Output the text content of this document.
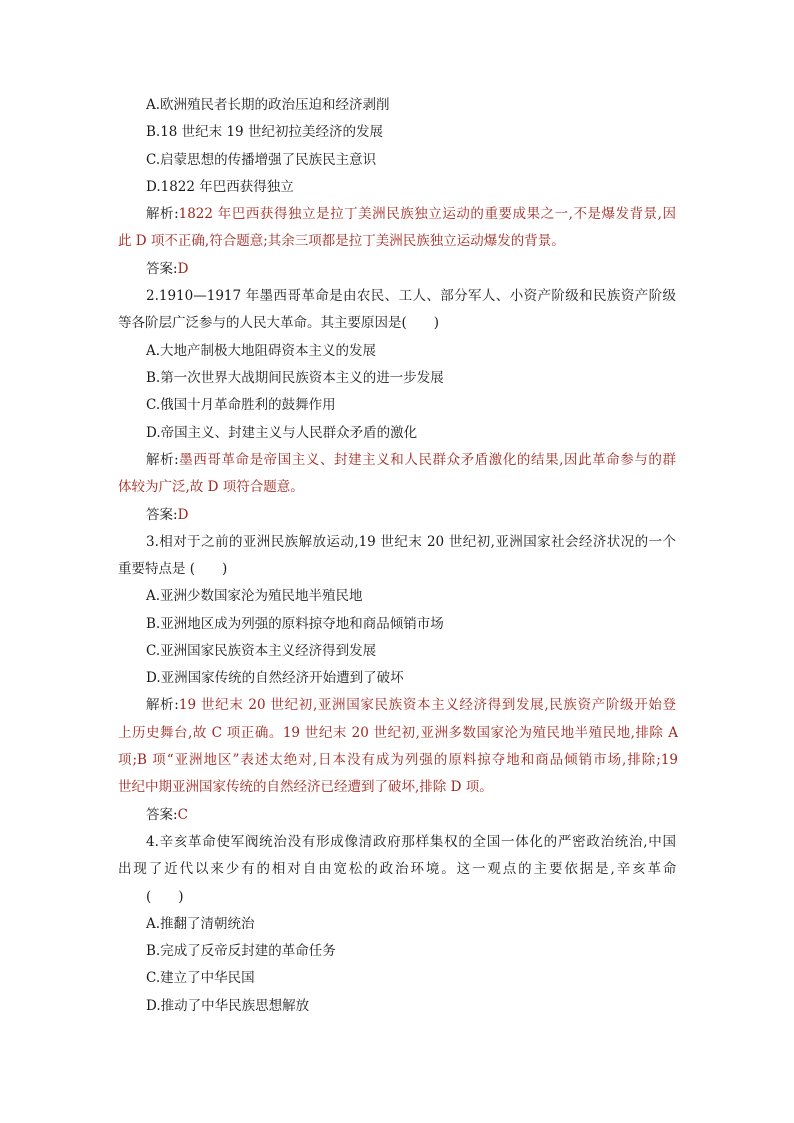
A.欧洲殖民者长期的政治压迫和经济剥削
B.18 世纪末 19 世纪初拉美经济的发展
C.启蒙思想的传播增强了民族民主意识
D.1822 年巴西获得独立
解析:1822 年巴西获得独立是拉丁美洲民族独立运动的重要成果之一,不是爆发背景,因
此 D 项不正确,符合题意;其余三项都是拉丁美洲民族独立运动爆发的背景。
答案:D
2.1910—1917 年墨西哥革命是由农民、工人、部分军人、小资产阶级和民族资产阶级
等各阶层广泛参与的人民大革命。其主要原因是(　　)
A.大地产制极大地阻碍资本主义的发展
B.第一次世界大战期间民族资本主义的进一步发展
C.俄国十月革命胜利的鼓舞作用
D.帝国主义、封建主义与人民群众矛盾的激化
解析:墨西哥革命是帝国主义、封建主义和人民群众矛盾激化的结果,因此革命参与的群
体较为广泛,故 D 项符合题意。
答案:D
3.相对于之前的亚洲民族解放运动,19 世纪末 20 世纪初,亚洲国家社会经济状况的一个
重要特点是 (　　)
A.亚洲少数国家沦为殖民地半殖民地
B.亚洲地区成为列强的原料掠夺地和商品倾销市场
C.亚洲国家民族资本主义经济得到发展
D.亚洲国家传统的自然经济开始遭到了破坏
解析:19 世纪末 20 世纪初,亚洲国家民族资本主义经济得到发展,民族资产阶级开始登
上历史舞台,故 C 项正确。19 世纪末 20 世纪初,亚洲多数国家沦为殖民地半殖民地,排除 A
项;B 项“亚洲地区”表述太绝对,日本没有成为列强的原料掠夺地和商品倾销市场,排除;19
世纪中期亚洲国家传统的自然经济已经遭到了破坏,排除 D 项。
答案:C
4.辛亥革命使军阀统治没有形成像清政府那样集权的全国一体化的严密政治统治,中国
出现了近代以来少有的相对自由宽松的政治环境。这一观点的主要依据是,辛亥革命
(　　)
A.推翻了清朝统治
B.完成了反帝反封建的革命任务
C.建立了中华民国
D.推动了中华民族思想解放
